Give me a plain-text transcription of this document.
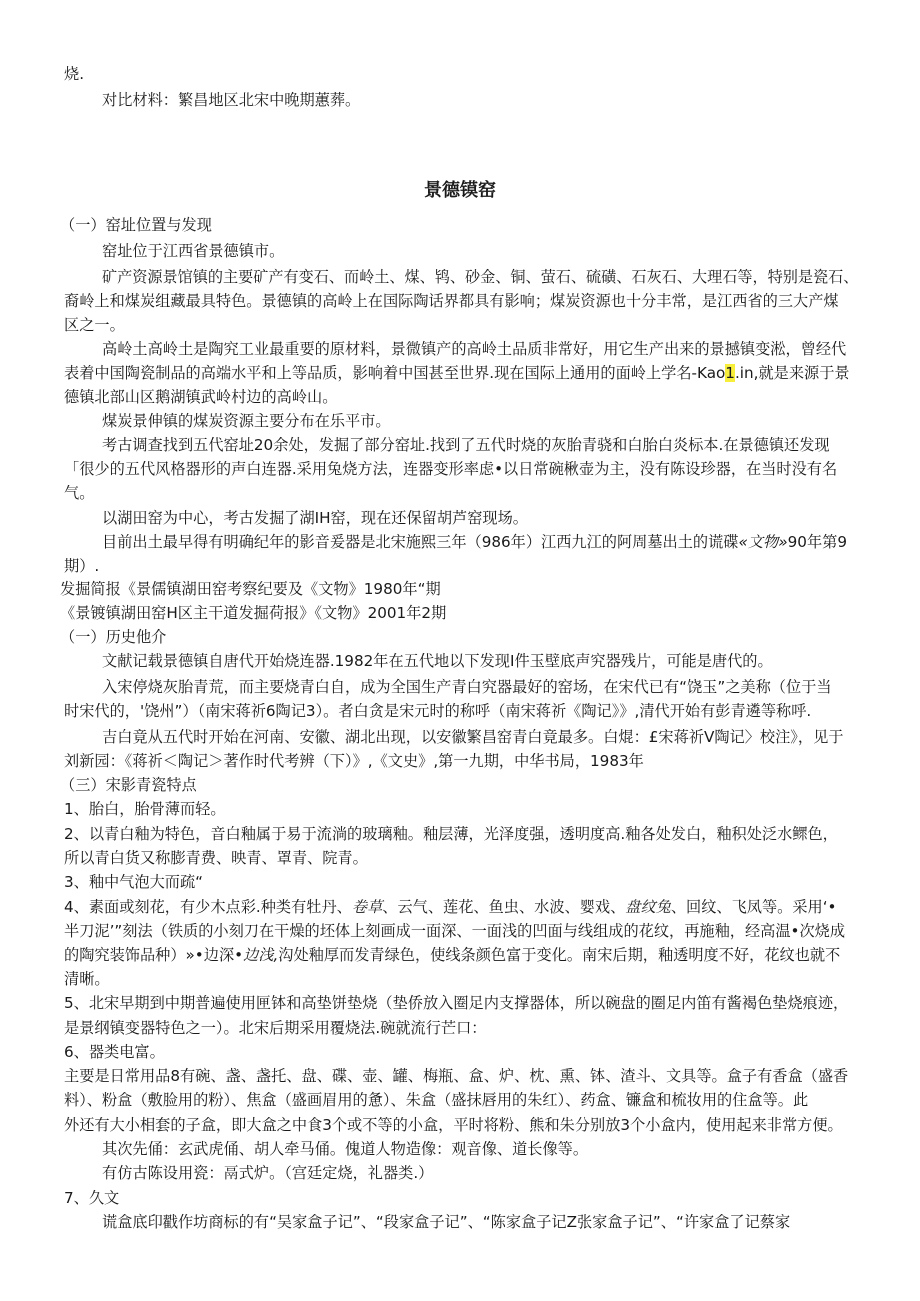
烧.
对比材料：繁昌地区北宋中晚期蕙葬。
景德镆窑
（一）窑址位置与发现
窑址位于江西省景德镇市。
矿产资源景馆镇的主要矿产有变石、而岭土、煤、鸨、砂金、铜、萤石、硫磺、石灰石、大理石等，特别是瓷石、
裔岭上和煤炭组藏最具特色。景德镇的高岭上在国际陶话界都具有影响；煤炭资源也十分丰常，是江西省的三大产煤
区之一。
高岭土高岭土是陶究工业最重要的原材料，景微镇产的高岭土品质非常好，用它生产出来的景撼镇变淞，曾经代
表着中国陶瓷制品的高端水平和上等品质，影响着中国甚至世界.现在国际上通用的面岭上学名-Kao1.in,就是来源于景
德镇北部山区鹅湖镇武岭村边的高岭山。
煤炭景伸镇的煤炭资源主要分布在乐平市。
考古调查找到五代窑址20余处，发掘了部分窑址.找到了五代时烧的灰胎青骁和白胎白炎标本.在景德镇还发现
「很少的五代风格器形的声白连器.采用兔烧方法，连器变形率虑•以日常碗楸壶为主，没有陈设珍器，在当时没有名
气。
以湖田窑为中心，考古发掘了湖IH窑，现在还保留胡芦窑现场。
目前出土最早得有明确纪年的影音爰器是北宋施熙三年（986年）江西九江的阿周墓出土的谎碟«文物»90年第9
期）.
发掘简报《景儒镇湖田窑考察纪要及《文物》1980年“期
《景镀镇湖田窑H区主干道发掘荷报》《文物》2001年2期
（一）历史他介
文献记载景德镇自唐代开始烧连器.1982年在五代地以下发现I件玉壁底声究器残片，可能是唐代的。
入宋停烧灰胎青荒，而主要烧青白自，成为全国生产青白究器最好的窑场，在宋代已有“饶玉”之美称（位于当
时宋代的，'饶州”）（南宋蒋祈6陶记3）。者白贪是宋元时的称呼（南宋蒋祈《陶记》》,清代开始有彭青遴等称呼.
吉白竟从五代时开始在河南、安徽、湖北出现，以安徽繁昌窑青白竟最多。白焜：£宋蒋祈V陶记〉校注》，见于
刘新园：《蒋祈＜陶记＞著作时代考辨（下）》,《文史》,第一九期，中华书局，1983年
（三）宋影青瓷特点
1、胎白，胎骨薄而轻。
2、以青白釉为特色，音白釉属于易于流淌的玻璃釉。釉层薄，光泽度强，透明度高.釉各处发白，釉积处泛水鳏色，
所以青白货又称膨青费、映青、罩青、院青。
3、釉中气泡大而疏“
4、素面或刻花，有少木点彩.种类有牡丹、卷草、云气、莲花、鱼虫、水波、婴戏、盘纹兔、回纹、飞凤等。采用‘•
半刀泥’”刻法（铁质的小刻刀在干燥的坯体上刻画成一面深、一面浅的凹面与线组成的花纹，再施釉，经高温•次烧成
的陶究装饰品种）»•边深•边浅,沟处釉厚而发青绿色，使线条颜色富于变化。南宋后期，釉透明度不好，花纹也就不
清晰。
5、北宋早期到中期普遍使用匣钵和高垫饼垫烧（垫侨放入圈足内支撑器体，所以碗盘的圈足内笛有酱褐色垫烧痕迹，
是景纲镇变器特色之一）。北宋后期采用覆烧法.碗就流行芒口：
6、器类电富。
主要是日常用品8有碗、盏、盏托、盘、碟、壶、罐、梅瓶、盒、炉、枕、熏、钵、渣斗、文具等。盒子有香盒（盛香
料）、粉盒（敷脸用的粉）、焦盒（盛画眉用的惫）、朱盒（盛抹唇用的朱红）、药盒、镰盒和梳妆用的住盒等。此
外还有大小相套的子盒，即大盒之中食3个或不等的小盒，平时将粉、熊和朱分别放3个小盒内，使用起来非常方便。
其次先俑：玄武虎俑、胡人牵马俑。傀道人物造像：观音像、道长像等。
有仿古陈设用瓷：鬲式炉。（宫廷定烧，礼器类.）
7、久文
谎盒底印戳作坊商标的有“吴家盒子记”、“段家盒子记”、“陈家盒子记Z张家盒子记”、“许家盒了记蔡家
